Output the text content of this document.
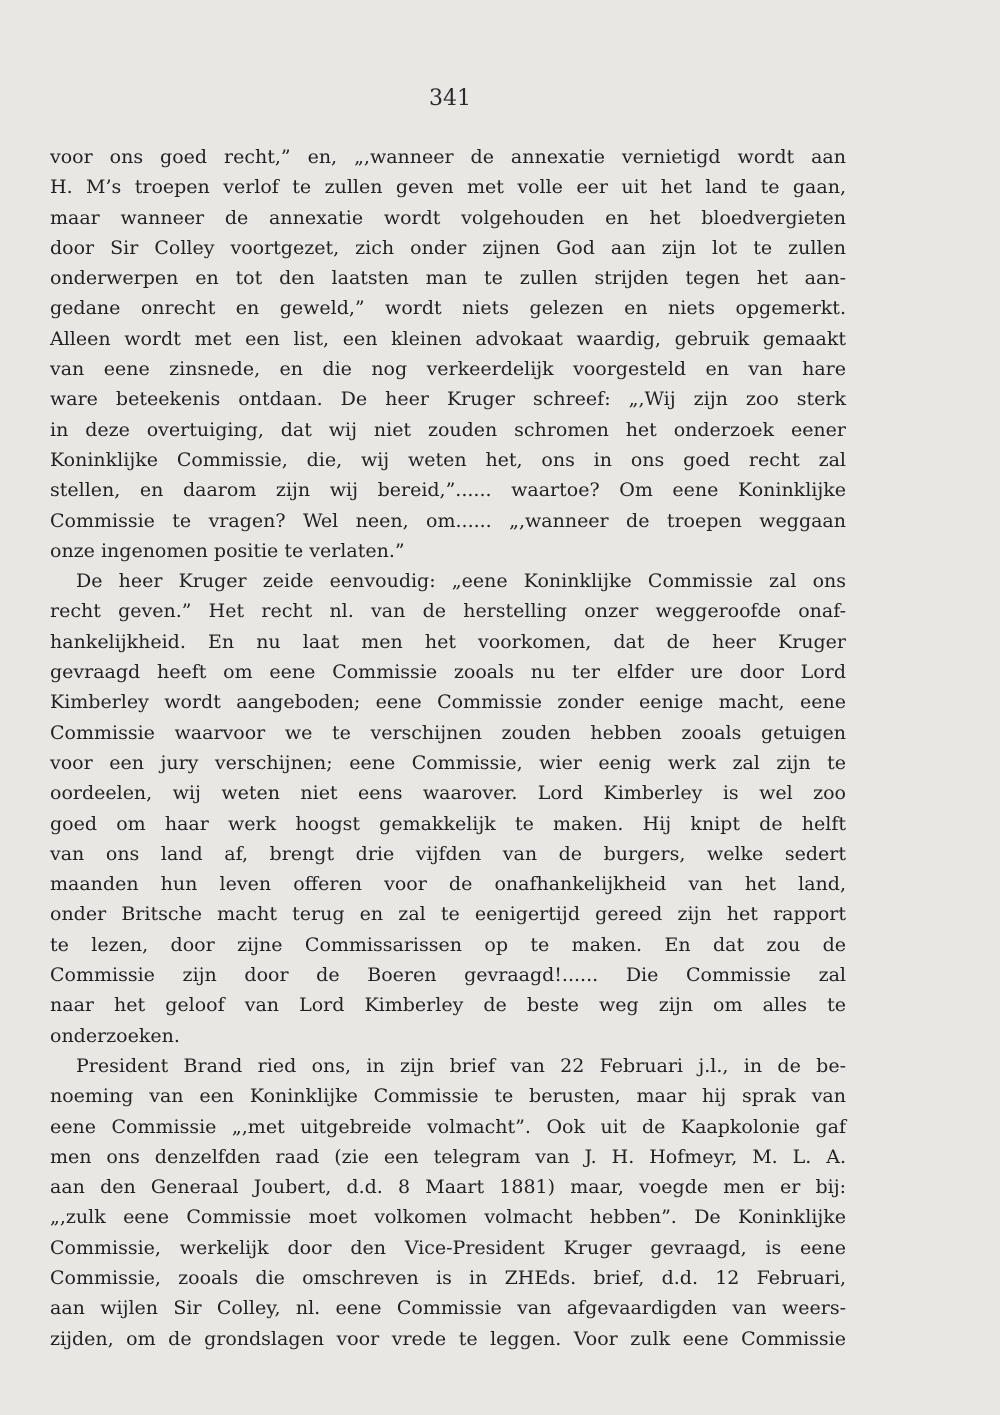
341
voor ons goed recht,” en, „,wanneer de annexatie vernietigd wordt aan
H. M’s troepen verlof te zullen geven met volle eer uit het land te gaan,
maar wanneer de annexatie wordt volgehouden en het bloedvergieten
door Sir Colley voortgezet, zich onder zijnen God aan zijn lot te zullen
onderwerpen en tot den laatsten man te zullen strijden tegen het aan-
gedane onrecht en geweld,” wordt niets gelezen en niets opgemerkt.
Alleen wordt met een list, een kleinen advokaat waardig, gebruik gemaakt
van eene zinsnede, en die nog verkeerdelijk voorgesteld en van hare
ware beteekenis ontdaan. De heer Kruger schreef: „,Wij zijn zoo sterk
in deze overtuiging, dat wij niet zouden schromen het onderzoek eener
Koninklijke Commissie, die, wij weten het, ons in ons goed recht zal
stellen, en daarom zijn wij bereid,”...... waartoe? Om eene Koninklijke
Commissie te vragen? Wel neen, om...... „,wanneer de troepen weggaan
onze ingenomen positie te verlaten.”
De heer Kruger zeide eenvoudig: „eene Koninklijke Commissie zal ons
recht geven.” Het recht nl. van de herstelling onzer weggeroofde onaf-
hankelijkheid. En nu laat men het voorkomen, dat de heer Kruger
gevraagd heeft om eene Commissie zooals nu ter elfder ure door Lord
Kimberley wordt aangeboden; eene Commissie zonder eenige macht, eene
Commissie waarvoor we te verschijnen zouden hebben zooals getuigen
voor een jury verschijnen; eene Commissie, wier eenig werk zal zijn te
oordeelen, wij weten niet eens waarover. Lord Kimberley is wel zoo
goed om haar werk hoogst gemakkelijk te maken. Hij knipt de helft
van ons land af, brengt drie vijfden van de burgers, welke sedert
maanden hun leven offeren voor de onafhankelijkheid van het land,
onder Britsche macht terug en zal te eenigertijd gereed zijn het rapport
te lezen, door zijne Commissarissen op te maken. En dat zou de
Commissie zijn door de Boeren gevraagd!...... Die Commissie zal
naar het geloof van Lord Kimberley de beste weg zijn om alles te
onderzoeken.
President Brand ried ons, in zijn brief van 22 Februari j.l., in de be-
noeming van een Koninklijke Commissie te berusten, maar hij sprak van
eene Commissie „,met uitgebreide volmacht”. Ook uit de Kaapkolonie gaf
men ons denzelfden raad (zie een telegram van J. H. Hofmeyr, M. L. A.
aan den Generaal Joubert, d.d. 8 Maart 1881) maar, voegde men er bij:
„,zulk eene Commissie moet volkomen volmacht hebben”. De Koninklijke
Commissie, werkelijk door den Vice-President Kruger gevraagd, is eene
Commissie, zooals die omschreven is in ZHEds. brief, d.d. 12 Februari,
aan wijlen Sir Colley, nl. eene Commissie van afgevaardigden van weers-
zijden, om de grondslagen voor vrede te leggen. Voor zulk eene Commissie
